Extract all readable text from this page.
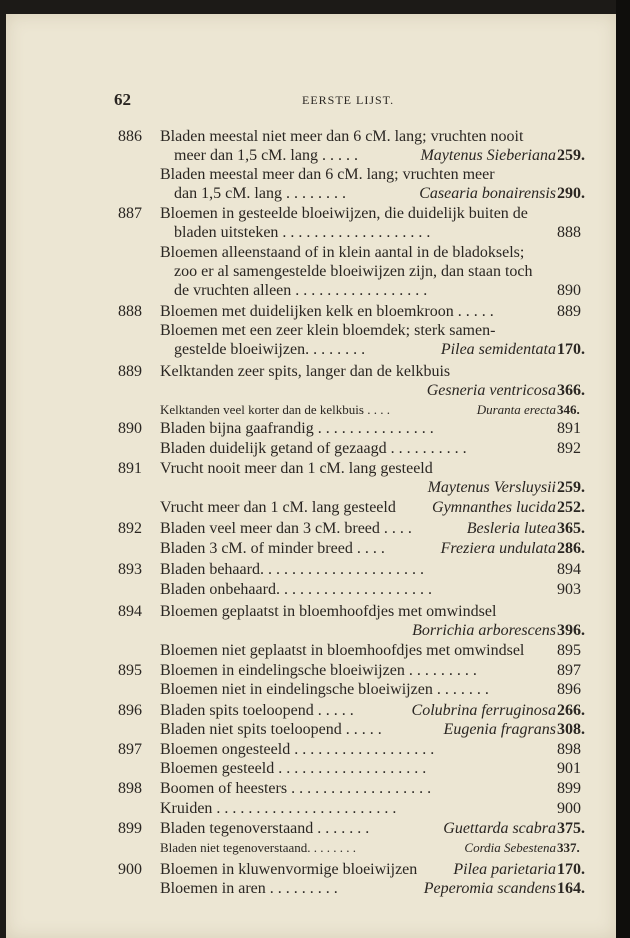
62	EERSTE LIJST.
886 Bladen meestal niet meer dan 6 cM. lang; vruchten nooit
meer dan 1,5 cM. lang . . . . .	Maytenus Sieberiana 259.
Bladen meestal meer dan 6 cM. lang; vruchten meer
dan 1,5 cM. lang . . . . . . . .	Casearia bonairensis 290.
887 Bloemen in gesteelde bloeiwijzen, die duidelijk buiten de
bladen uitsteken . . . . . . . . . . . . . . . . . . .	888
Bloemen alleenstaand of in klein aantal in de bladoksels;
zoo er al samengestelde bloeiwijzen zijn, dan staan toch
de vruchten alleen . . . . . . . . . . . . . . . . .	890
888 Bloemen met duidelijken kelk en bloemkroon . . . . .	889
Bloemen met een zeer klein bloemdek; sterk samen-
gestelde bloeiwijzen. . . . . . . .	Pilea semidentata 170.
889 Kelktanden zeer spits, langer dan de kelkbuis
Gesneria ventricosa 366.
Kelktanden veel korter dan de kelkbuis . . . .	Duranta erecta 346.
890 Bladen bijna gaafrandig . . . . . . . . . . . . . . .	891
Bladen duidelijk getand of gezaagd . . . . . . . . . .	892
891 Vrucht nooit meer dan 1 cM. lang gesteeld
Maytenus Versluysii 259.
Vrucht meer dan 1 cM. lang gesteeld Gymnanthes lucida 252.
892 Bladen veel meer dan 3 cM. breed . . . .	Besleria lutea 365.
Bladen 3 cM. of minder breed . . . .	Freziera undulata 286.
893 Bladen behaard. . . . . . . . . . . . . . . . . . . . .	894
Bladen onbehaard. . . . . . . . . . . . . . . . . . . .	903
894 Bloemen geplaatst in bloemhoofdjes met omwindsel
Borrichia arborescens 396.
Bloemen niet geplaatst in bloemhoofdjes met omwindsel 895
895 Bloemen in eindelingsche bloeiwijzen . . . . . . . . .	897
Bloemen niet in eindelingsche bloeiwijzen . . . . . . .	896
896 Bladen spits toeloopend . . . . .	Colubrina ferruginosa 266.
Bladen niet spits toeloopend . . . . .	Eugenia fragrans 308.
897 Bloemen ongesteeld . . . . . . . . . . . . . . . . . .	898
Bloemen gesteeld . . . . . . . . . . . . . . . . . . .	901
898 Boomen of heesters . . . . . . . . . . . . . . . . . .	899
Kruiden . . . . . . . . . . . . . . . . . . . . . . .	900
899 Bladen tegenoverstaand . . . . . . .	Guettarda scabra 375.
Bladen niet tegenoverstaand. . . . . . . .	Cordia Sebestena 337.
900 Bloemen in kluwenvormige bloeiwijzen Pilea parietaria 170.
Bloemen in aren . . . . . . . . .	Peperomia scandens 164.
